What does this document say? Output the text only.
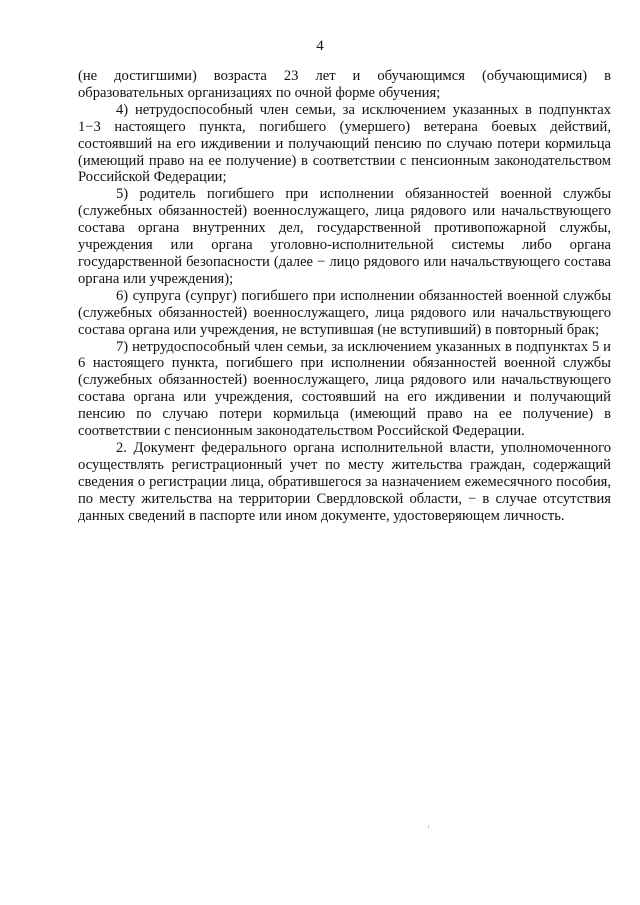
4

(не достигшими) возраста 23 лет и обучающимся (обучающимися) в образовательных организациях по очной форме обучения;

4) нетрудоспособный член семьи, за исключением указанных в подпунктах 1−3 настоящего пункта, погибшего (умершего) ветерана боевых действий, состоявший на его иждивении и получающий пенсию по случаю потери кормильца (имеющий право на ее получение) в соответствии с пенсионным законодательством Российской Федерации;

5) родитель погибшего при исполнении обязанностей военной службы (служебных обязанностей) военнослужащего, лица рядового или начальствующего состава органа внутренних дел, государственной противопожарной службы, учреждения или органа уголовно-исполнительной системы либо органа государственной безопасности (далее − лицо рядового или начальствующего состава органа или учреждения);

6) супруга (супруг) погибшего при исполнении обязанностей военной службы (служебных обязанностей) военнослужащего, лица рядового или начальствующего состава органа или учреждения, не вступившая (не вступивший) в повторный брак;

7) нетрудоспособный член семьи, за исключением указанных в подпунктах 5 и 6 настоящего пункта, погибшего при исполнении обязанностей военной службы (служебных обязанностей) военнослужащего, лица рядового или начальствующего состава органа или учреждения, состоявший на его иждивении и получающий пенсию по случаю потери кормильца (имеющий право на ее получение) в соответствии с пенсионным законодательством Российской Федерации.

2. Документ федерального органа исполнительной власти, уполномоченного осуществлять регистрационный учет по месту жительства граждан, содержащий сведения о регистрации лица, обратившегося за назначением ежемесячного пособия, по месту жительства на территории Свердловской области, − в случае отсутствия данных сведений в паспорте или ином документе, удостоверяющем личность.
